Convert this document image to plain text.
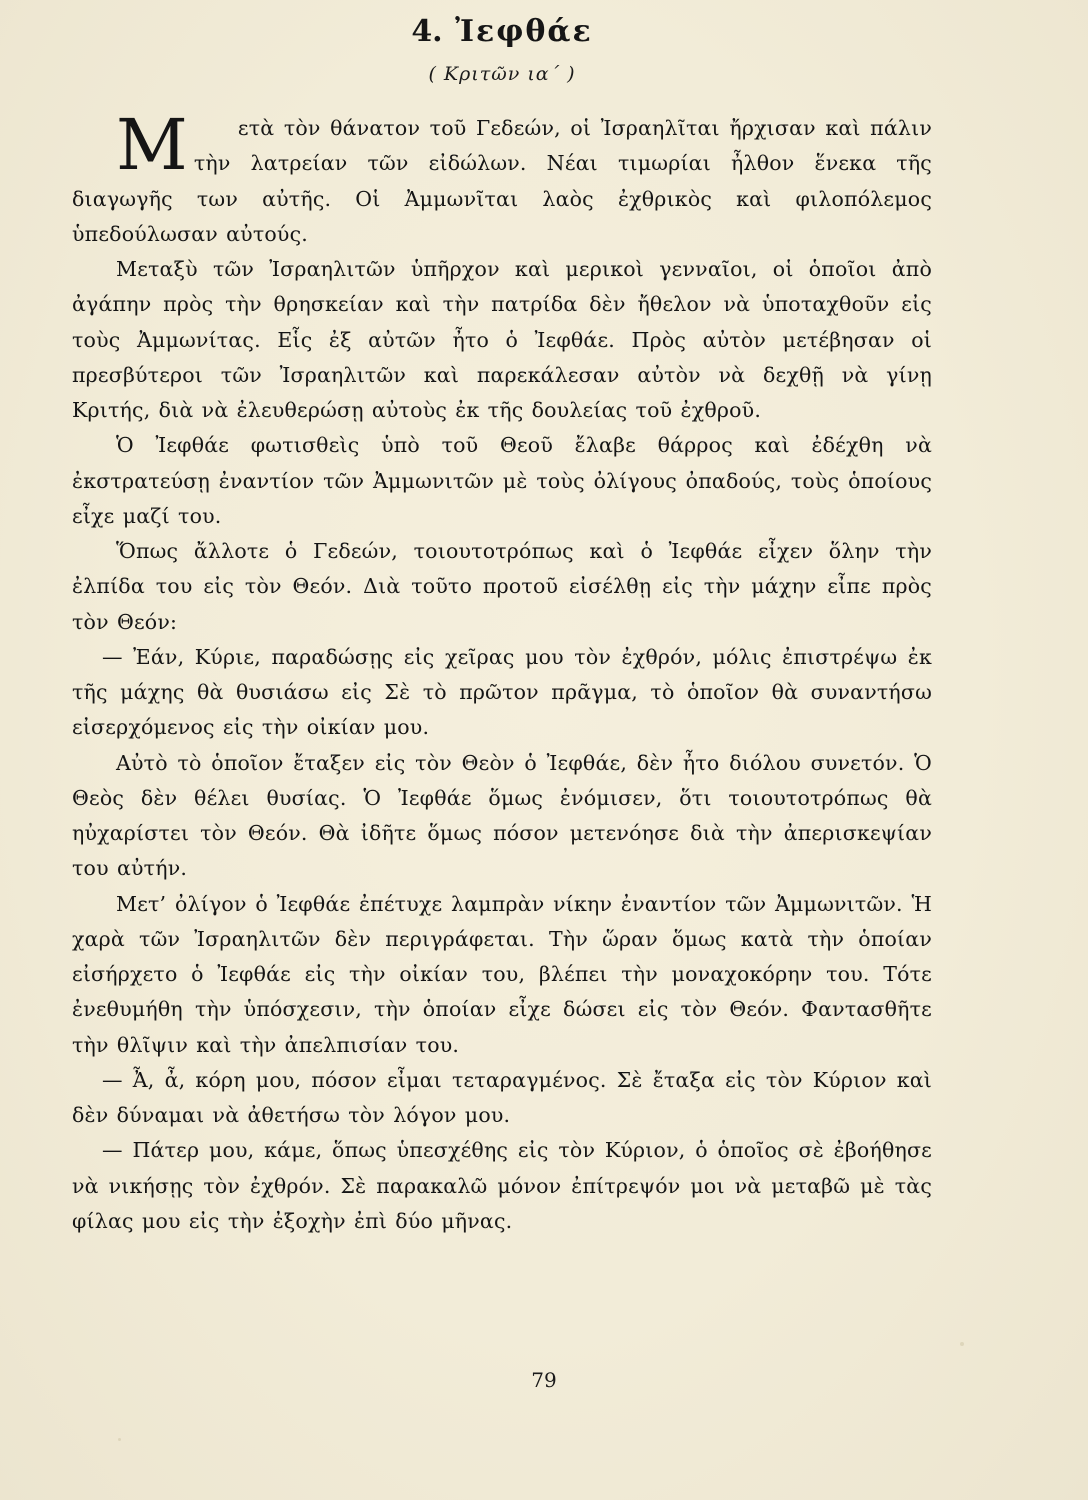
4. Ἰεφθάε
( Κριτῶν ια΄ )

Μ ετὰ τὸν θάνατον τοῦ Γεδεών, οἱ Ἰσραηλῖται ἤρχισαν καὶ πάλιν τὴν λατρείαν τῶν εἰδώλων. Νέαι τιμωρίαι ἦλθον ἕνεκα τῆς διαγωγῆς των αὐτῆς. Οἱ Ἀμμωνῖται λαὸς ἐχθρικὸς καὶ φιλοπόλεμος ὑπεδούλωσαν αὐτούς.

Μεταξὺ τῶν Ἰσραηλιτῶν ὑπῆρχον καὶ μερικοὶ γενναῖοι, οἱ ὁποῖοι ἀπὸ ἀγάπην πρὸς τὴν θρησκείαν καὶ τὴν πατρίδα δὲν ἤθελον νὰ ὑποταχθοῦν εἰς τοὺς Ἀμμωνίτας. Εἷς ἐξ αὐτῶν ἦτο ὁ Ἰεφθάε. Πρὸς αὐτὸν μετέβησαν οἱ πρεσβύτεροι τῶν Ἰσραηλιτῶν καὶ παρεκάλεσαν αὐτὸν νὰ δεχθῇ νὰ γίνῃ Κριτής, διὰ νὰ ἐλευθερώσῃ αὐτοὺς ἐκ τῆς δουλείας τοῦ ἐχθροῦ.

Ὁ Ἰεφθάε φωτισθεὶς ὑπὸ τοῦ Θεοῦ ἔλαβε θάρρος καὶ ἐδέχθη νὰ ἐκστρατεύσῃ ἐναντίον τῶν Ἀμμωνιτῶν μὲ τοὺς ὀλίγους ὀπαδούς, τοὺς ὁποίους εἶχε μαζί του.

Ὅπως ἄλλοτε ὁ Γεδεών, τοιουτοτρόπως καὶ ὁ Ἰεφθάε εἶχεν ὅλην τὴν ἐλπίδα του εἰς τὸν Θεόν. Διὰ τοῦτο προτοῦ εἰσέλθῃ εἰς τὴν μάχην εἶπε πρὸς τὸν Θεόν:

— Ἐάν, Κύριε, παραδώσῃς εἰς χεῖρας μου τὸν ἐχθρόν, μόλις ἐπιστρέψω ἐκ τῆς μάχης θὰ θυσιάσω εἰς Σὲ τὸ πρῶτον πρᾶγμα, τὸ ὁποῖον θὰ συναντήσω εἰσερχόμενος εἰς τὴν οἰκίαν μου.

Αὐτὸ τὸ ὁποῖον ἔταξεν εἰς τὸν Θεὸν ὁ Ἰεφθάε, δὲν ἦτο διόλου συνετόν. Ὁ Θεὸς δὲν θέλει θυσίας. Ὁ Ἰεφθάε ὅμως ἐνόμισεν, ὅτι τοιουτοτρόπως θὰ ηὐχαρίστει τὸν Θεόν. Θὰ ἰδῆτε ὅμως πόσον μετενόησε διὰ τὴν ἀπερισκεψίαν του αὐτήν.

Μετ’ ὀλίγον ὁ Ἰεφθάε ἐπέτυχε λαμπρὰν νίκην ἐναντίον τῶν Ἀμμωνιτῶν. Ἡ χαρὰ τῶν Ἰσραηλιτῶν δὲν περιγράφεται. Τὴν ὥραν ὅμως κατὰ τὴν ὁποίαν εἰσήρχετο ὁ Ἰεφθάε εἰς τὴν οἰκίαν του, βλέπει τὴν μοναχοκόρην του. Τότε ἐνεθυμήθη τὴν ὑπόσχεσιν, τὴν ὁποίαν εἶχε δώσει εἰς τὸν Θεόν. Φαντασθῆτε τὴν θλῖψιν καὶ τὴν ἀπελπισίαν του.

— Ἆ, ἆ, κόρη μου, πόσον εἶμαι τεταραγμένος. Σὲ ἔταξα εἰς τὸν Κύριον καὶ δὲν δύναμαι νὰ ἀθετήσω τὸν λόγον μου.

— Πάτερ μου, κάμε, ὅπως ὑπεσχέθης εἰς τὸν Κύριον, ὁ ὁποῖος σὲ ἐβοήθησε νὰ νικήσῃς τὸν ἐχθρόν. Σὲ παρακαλῶ μόνον ἐπίτρεψόν μοι νὰ μεταβῶ μὲ τὰς φίλας μου εἰς τὴν ἐξοχὴν ἐπὶ δύο μῆνας.

79
